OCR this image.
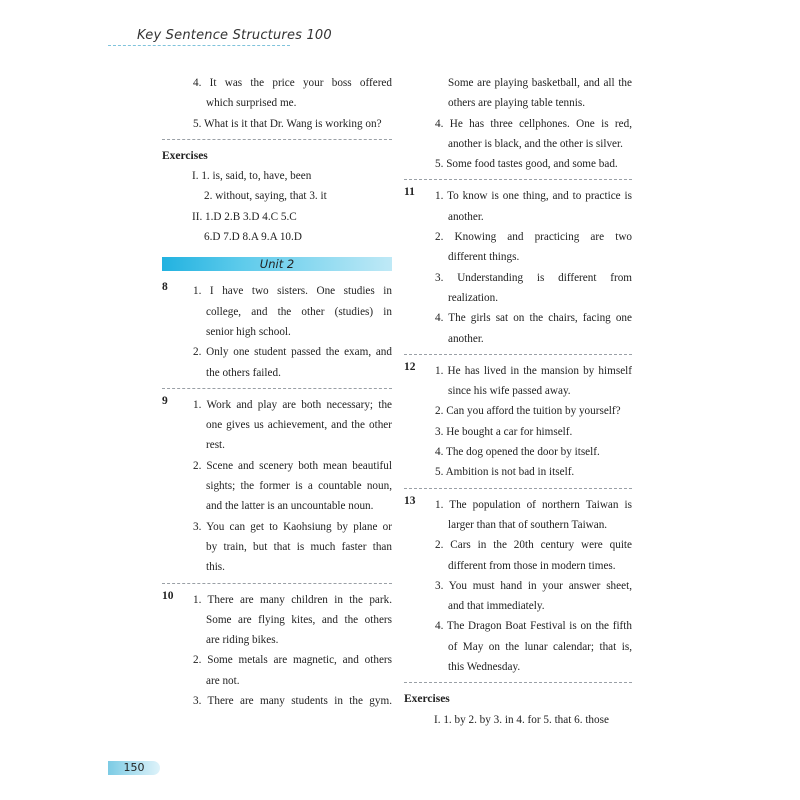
Key Sentence Structures 100
4. It was the price your boss offered
which surprised me.
5. What is it that Dr. Wang is working on?
Exercises
I. 1. is, said, to, have, been
2. without, saying, that 3. it
II. 1.D 2.B 3.D 4.C 5.C
6.D 7.D 8.A 9.A 10.D
Unit 2
8	1. I have two sisters. One studies in
college, and the other (studies) in
senior high school.
2. Only one student passed the exam, and
the others failed.
9	1. Work and play are both necessary; the
one gives us achievement, and the other
rest.
2. Scene and scenery both mean beautiful
sights; the former is a countable noun,
and the latter is an uncountable noun.
3. You can get to Kaohsiung by plane or
by train, but that is much faster than
this.
10	1. There are many children in the park.
Some are flying kites, and the others
are riding bikes.
2. Some metals are magnetic, and others
are not.
3. There are many students in the gym.
Some are playing basketball, and all the
others are playing table tennis.
4. He has three cellphones. One is red,
another is black, and the other is silver.
5. Some food tastes good, and some bad.
11	1. To know is one thing, and to practice is
another.
2. Knowing and practicing are two
different things.
3. Understanding is different from
realization.
4. The girls sat on the chairs, facing one
another.
12	1. He has lived in the mansion by himself
since his wife passed away.
2. Can you afford the tuition by yourself?
3. He bought a car for himself.
4. The dog opened the door by itself.
5. Ambition is not bad in itself.
13	1. The population of northern Taiwan is
larger than that of southern Taiwan.
2. Cars in the 20th century were quite
different from those in modern times.
3. You must hand in your answer sheet,
and that immediately.
4. The Dragon Boat Festival is on the fifth
of May on the lunar calendar; that is,
this Wednesday.
Exercises
I. 1. by 2. by 3. in 4. for 5. that 6. those
150
